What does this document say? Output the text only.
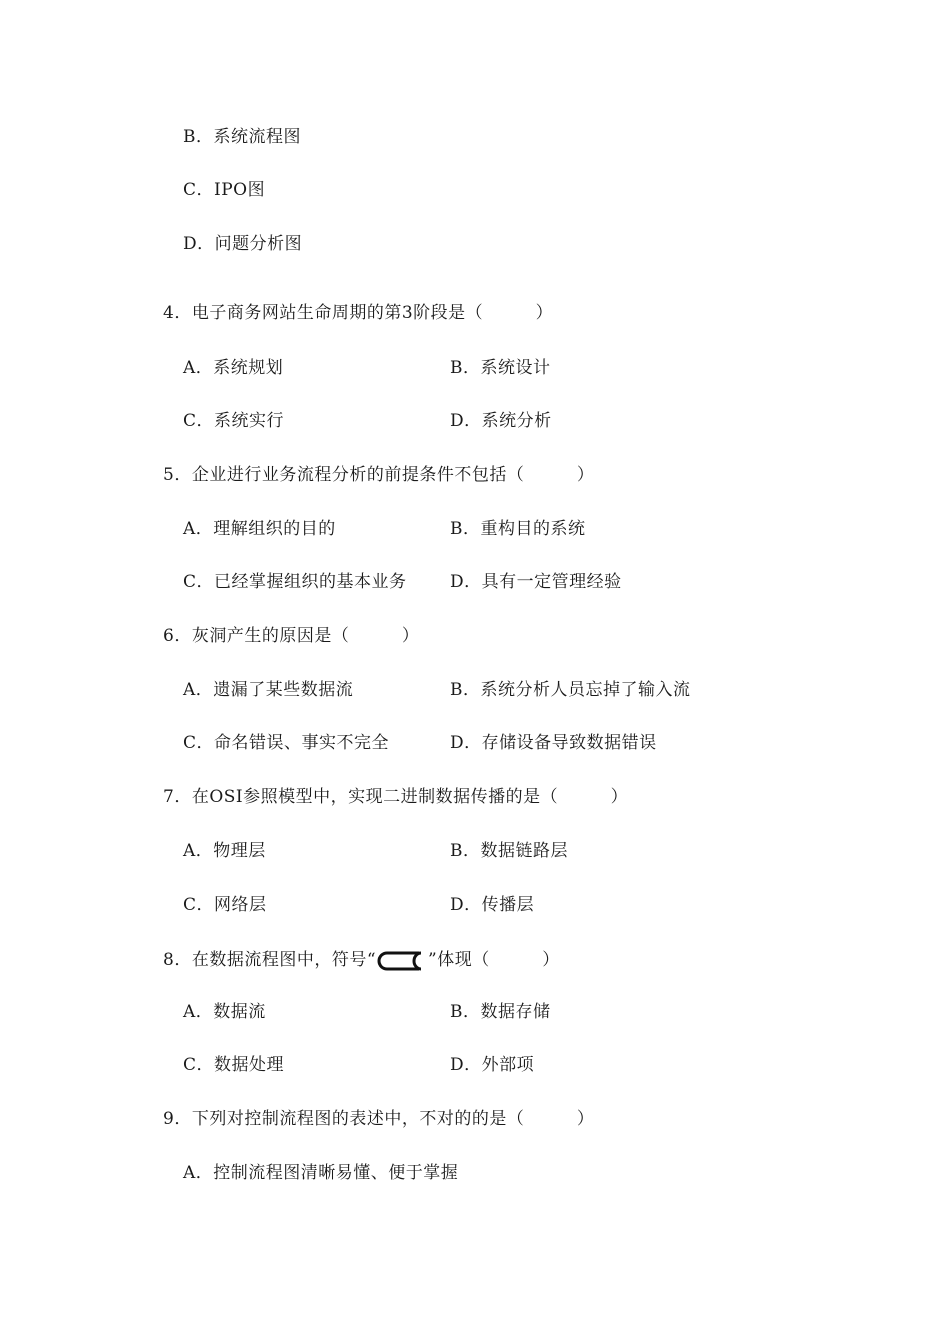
B．系统流程图
C．IPO图
D．问题分析图
4．电子商务网站生命周期的第3阶段是（　　　）
A．系统规划	B．系统设计
C．系统实行	D．系统分析
5．企业进行业务流程分析的前提条件不包括（　　　）
A．理解组织的目的	B．重构目的系统
C．已经掌握组织的基本业务	D．具有一定管理经验
6．灰洞产生的原因是（　　　）
A．遗漏了某些数据流	B．系统分析人员忘掉了输入流
C．命名错误、事实不完全	D．存储设备导致数据错误
7．在OSI参照模型中，实现二进制数据传播的是（　　　）
A．物理层	B．数据链路层
C．网络层	D．传播层
8．在数据流程图中，符号“	”体现（　　　）
A．数据流	B．数据存储
C．数据处理	D．外部项
9．下列对控制流程图的表述中，不对的的是（　　　）
A．控制流程图清晰易懂、便于掌握
